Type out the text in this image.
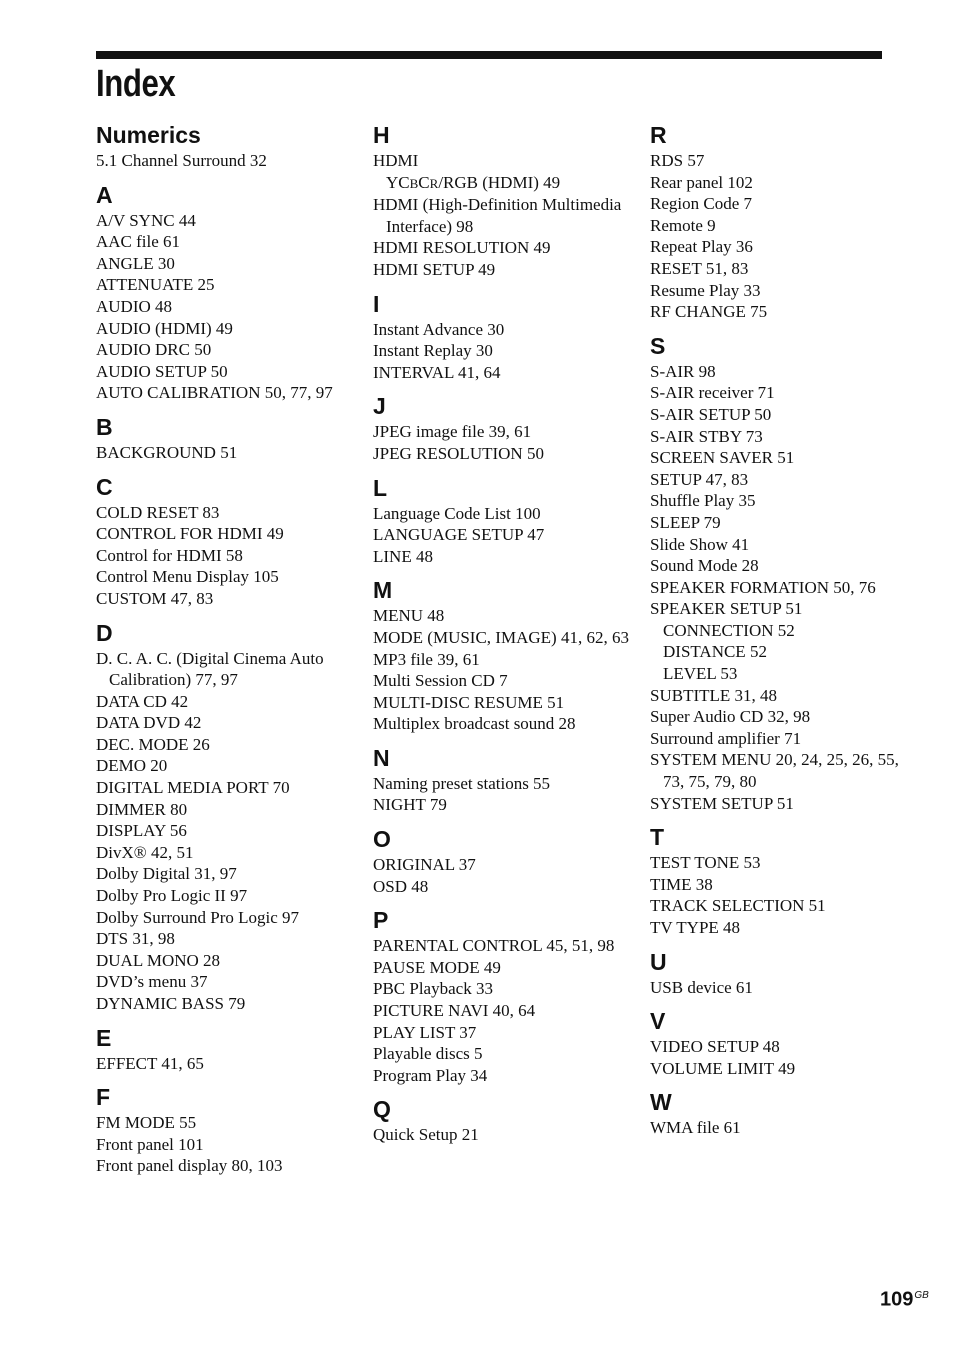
Index
Numerics
5.1 Channel Surround 32
A
A/V SYNC 44
AAC file 61
ANGLE 30
ATTENUATE 25
AUDIO 48
AUDIO (HDMI) 49
AUDIO DRC 50
AUDIO SETUP 50
AUTO CALIBRATION 50, 77, 97
B
BACKGROUND 51
C
COLD RESET 83
CONTROL FOR HDMI 49
Control for HDMI 58
Control Menu Display 105
CUSTOM 47, 83
D
D. C. A. C. (Digital Cinema Auto Calibration) 77, 97
DATA CD 42
DATA DVD 42
DEC. MODE 26
DEMO 20
DIGITAL MEDIA PORT 70
DIMMER 80
DISPLAY 56
DivX® 42, 51
Dolby Digital 31, 97
Dolby Pro Logic II 97
Dolby Surround Pro Logic 97
DTS 31, 98
DUAL MONO 28
DVD’s menu 37
DYNAMIC BASS 79
E
EFFECT 41, 65
F
FM MODE 55
Front panel 101
Front panel display 80, 103
H
HDMI
YCBCR/RGB (HDMI) 49
HDMI (High-Definition Multimedia Interface) 98
HDMI RESOLUTION 49
HDMI SETUP 49
I
Instant Advance 30
Instant Replay 30
INTERVAL 41, 64
J
JPEG image file 39, 61
JPEG RESOLUTION 50
L
Language Code List 100
LANGUAGE SETUP 47
LINE 48
M
MENU 48
MODE (MUSIC, IMAGE) 41, 62, 63
MP3 file 39, 61
Multi Session CD 7
MULTI-DISC RESUME 51
Multiplex broadcast sound 28
N
Naming preset stations 55
NIGHT 79
O
ORIGINAL 37
OSD 48
P
PARENTAL CONTROL 45, 51, 98
PAUSE MODE 49
PBC Playback 33
PICTURE NAVI 40, 64
PLAY LIST 37
Playable discs 5
Program Play 34
Q
Quick Setup 21
R
RDS 57
Rear panel 102
Region Code 7
Remote 9
Repeat Play 36
RESET 51, 83
Resume Play 33
RF CHANGE 75
S
S-AIR 98
S-AIR receiver 71
S-AIR SETUP 50
S-AIR STBY 73
SCREEN SAVER 51
SETUP 47, 83
Shuffle Play 35
SLEEP 79
Slide Show 41
Sound Mode 28
SPEAKER FORMATION 50, 76
SPEAKER SETUP 51
CONNECTION 52
DISTANCE 52
LEVEL 53
SUBTITLE 31, 48
Super Audio CD 32, 98
Surround amplifier 71
SYSTEM MENU 20, 24, 25, 26, 55, 73, 75, 79, 80
SYSTEM SETUP 51
T
TEST TONE 53
TIME 38
TRACK SELECTION 51
TV TYPE 48
U
USB device 61
V
VIDEO SETUP 48
VOLUME LIMIT 49
W
WMA file 61
$109^{GB}$
